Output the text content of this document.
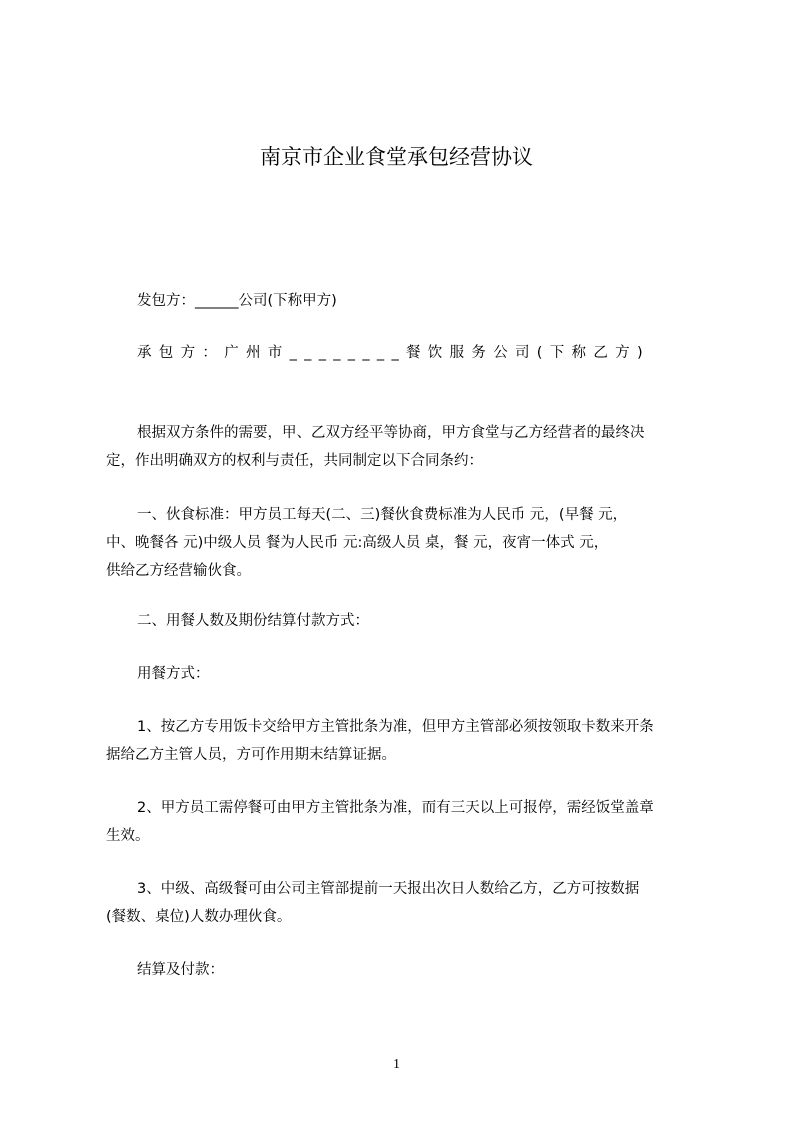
南京市企业食堂承包经营协议
发包方：______公司(下称甲方)
承包方：广州市________餐饮服务公司(下称乙方)
根据双方条件的需要，甲、乙双方经平等协商，甲方食堂与乙方经营者的最终决
定，作出明确双方的权利与责任，共同制定以下合同条约：
一、伙食标准：甲方员工每天(二、三)餐伙食费标准为人民币 元，(早餐 元，
中、晚餐各 元)中级人员 餐为人民币 元:高级人员 桌，餐 元，夜宵一体式 元，
供给乙方经营输伙食。
二、用餐人数及期份结算付款方式：
用餐方式：
1、按乙方专用饭卡交给甲方主管批条为准，但甲方主管部必须按领取卡数来开条
据给乙方主管人员，方可作用期末结算证据。
2、甲方员工需停餐可由甲方主管批条为准，而有三天以上可报停，需经饭堂盖章
生效。
3、中级、高级餐可由公司主管部提前一天报出次日人数给乙方，乙方可按数据
(餐数、桌位)人数办理伙食。
结算及付款：
1
